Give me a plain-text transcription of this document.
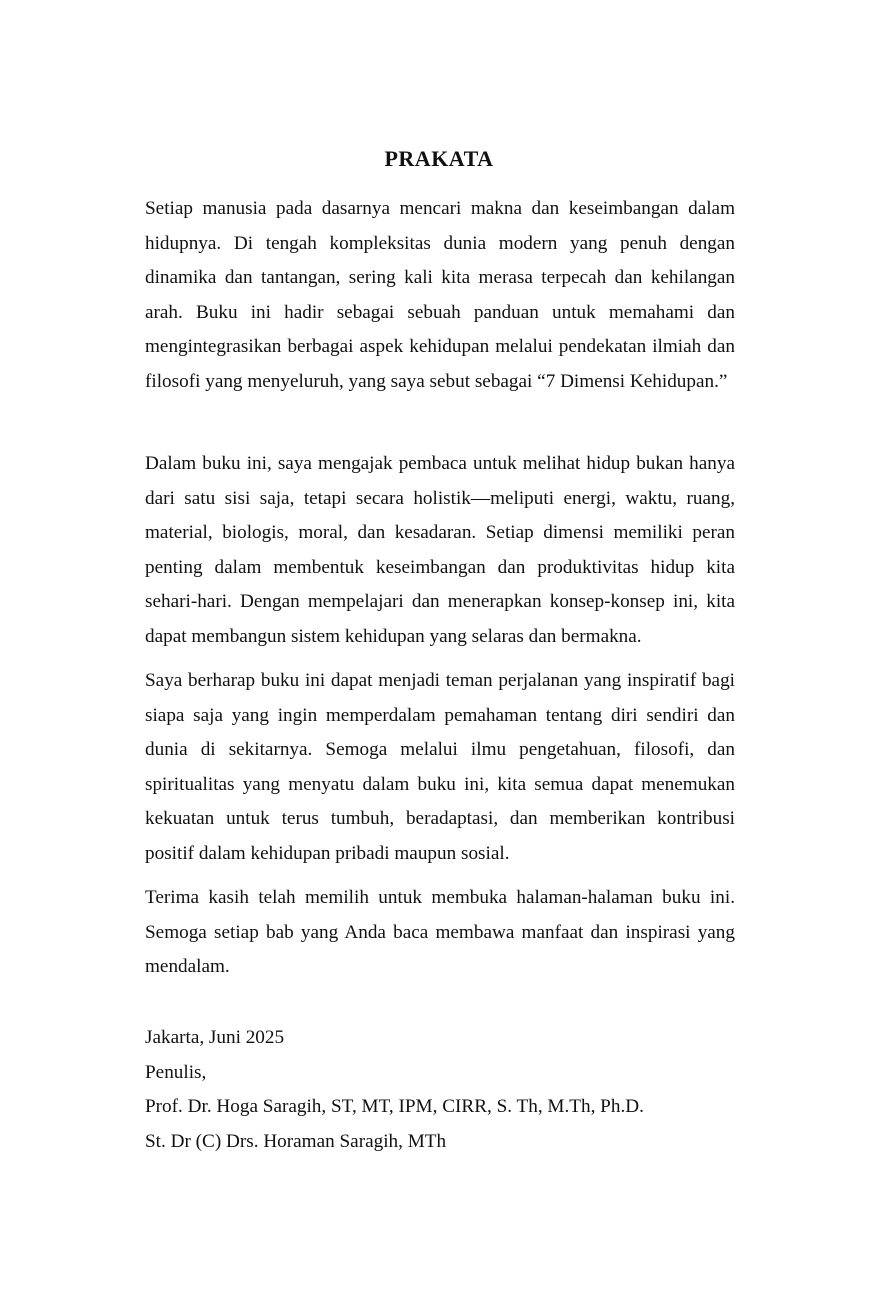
PRAKATA

Setiap manusia pada dasarnya mencari makna dan keseimbangan dalam hidupnya. Di tengah kompleksitas dunia modern yang penuh dengan dinamika dan tantangan, sering kali kita merasa terpecah dan kehilangan arah. Buku ini hadir sebagai sebuah panduan untuk memahami dan mengintegrasikan berbagai aspek kehidupan melalui pendekatan ilmiah dan filosofi yang menyeluruh, yang saya sebut sebagai “7 Dimensi Kehidupan.”

Dalam buku ini, saya mengajak pembaca untuk melihat hidup bukan hanya dari satu sisi saja, tetapi secara holistik—meliputi energi, waktu, ruang, material, biologis, moral, dan kesadaran. Setiap dimensi memiliki peran penting dalam membentuk keseimbangan dan produktivitas hidup kita sehari-hari. Dengan mempelajari dan menerapkan konsep-konsep ini, kita dapat membangun sistem kehidupan yang selaras dan bermakna.

Saya berharap buku ini dapat menjadi teman perjalanan yang inspiratif bagi siapa saja yang ingin memperdalam pemahaman tentang diri sendiri dan dunia di sekitarnya. Semoga melalui ilmu pengetahuan, filosofi, dan spiritualitas yang menyatu dalam buku ini, kita semua dapat menemukan kekuatan untuk terus tumbuh, beradaptasi, dan memberikan kontribusi positif dalam kehidupan pribadi maupun sosial.

Terima kasih telah memilih untuk membuka halaman-halaman buku ini. Semoga setiap bab yang Anda baca membawa manfaat dan inspirasi yang mendalam.

Jakarta, Juni 2025
Penulis,
Prof. Dr. Hoga Saragih, ST, MT, IPM, CIRR, S. Th, M.Th, Ph.D.
St. Dr (C) Drs. Horaman Saragih, MTh
